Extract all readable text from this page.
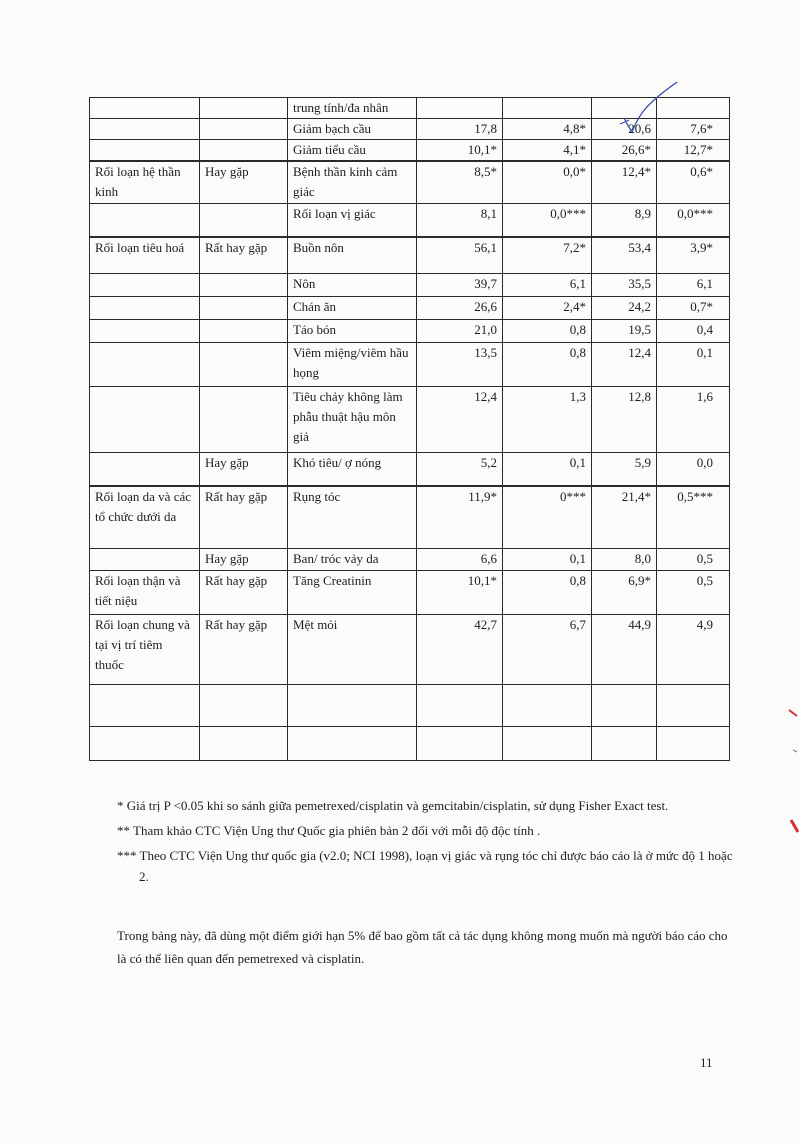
		trung tính/đa nhân				
		Giảm bạch cầu	17,8	4,8*	20,6	7,6*
		Giảm tiểu cầu	10,1*	4,1*	26,6*	12,7*
Rối loạn hệ thần kinh	Hay gặp	Bệnh thần kinh cảm giác	8,5*	0,0*	12,4*	0,6*
		Rối loạn vị giác	8,1	0,0***	8,9	0,0***
Rối loạn tiêu hoá	Rất hay gặp	Buồn nôn	56,1	7,2*	53,4	3,9*
		Nôn	39,7	6,1	35,5	6,1
		Chán ăn	26,6	2,4*	24,2	0,7*
		Táo bón	21,0	0,8	19,5	0,4
		Viêm miệng/viêm hầu họng	13,5	0,8	12,4	0,1
		Tiêu chảy không làm phẫu thuật hậu môn giả	12,4	1,3	12,8	1,6
	Hay gặp	Khó tiêu/ ợ nóng	5,2	0,1	5,9	0,0
Rối loạn da và các tổ chức dưới da	Rất hay gặp	Rụng tóc	11,9*	0***	21,4*	0,5***
	Hay gặp	Ban/ tróc vảy da	6,6	0,1	8,0	0,5
Rối loạn thận và tiết niệu	Rất hay gặp	Tăng Creatinin	10,1*	0,8	6,9*	0,5
Rối loạn chung và tại vị trí tiêm thuốc	Rất hay gặp	Mệt mỏi	42,7	6,7	44,9	4,9

* Giá trị P <0.05 khi so sánh giữa pemetrexed/cisplatin và gemcitabin/cisplatin, sử dụng Fisher Exact test.

** Tham khảo CTC Viện Ung thư Quốc gia phiên bản 2 đối với mỗi độ độc tính .

*** Theo CTC Viện Ung thư quốc gia (v2.0; NCI 1998), loạn vị giác và rụng tóc chỉ được báo cáo là ở mức độ 1 hoặc 2.

Trong bảng này, đã dùng một điểm giới hạn 5% để bao gồm tất cả tác dụng không mong muốn mà người báo cáo cho là có thể liên quan đến pemetrexed và cisplatin.

11
